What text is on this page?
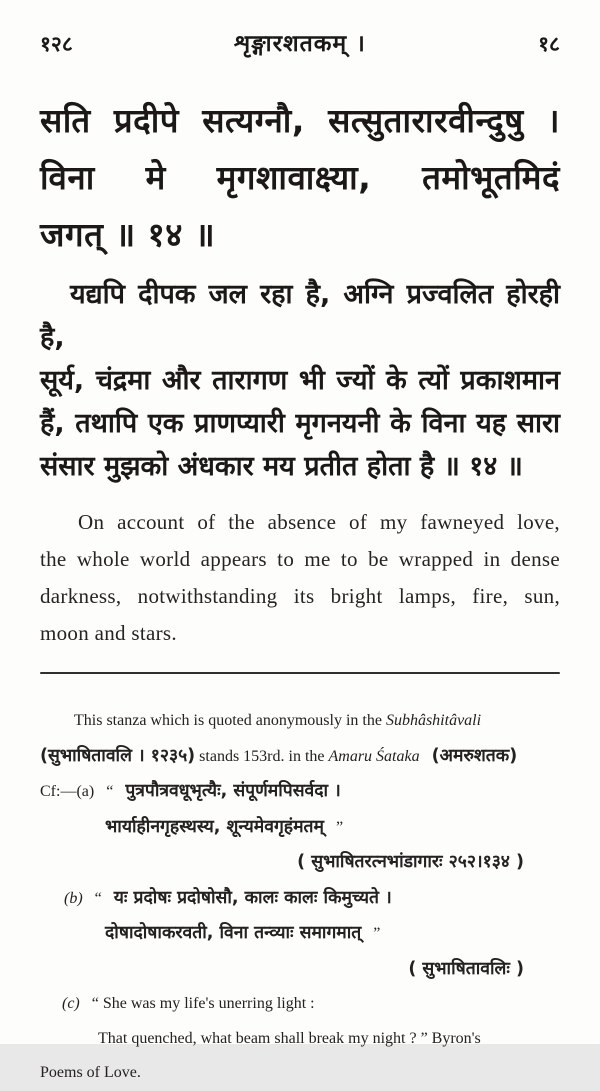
१२८	शृङ्गारशतकम् ।	१८
सति प्रदीपे सत्यग्नौ, सत्सुतारारवीन्दुषु ।
विना मे मृगशावाक्ष्या, तमोभूतमिदं
जगत् ॥ १४ ॥
यद्यपि दीपक जल रहा है, अग्नि प्रज्वलित होरही है,
सूर्य, चंद्रमा और तारागण भी ज्यों के त्यों प्रकाशमान
हैं, तथापि एक प्राणप्यारी मृगनयनी के विना यह सारा
संसार मुझको अंधकार मय प्रतीत होता है ॥ १४ ॥
On account of the absence of my fawneyed love,
the whole world appears to me to be wrapped in dense
darkness, notwithstanding its bright lamps, fire, sun,
moon and stars.
This stanza which is quoted anonymously in the Subhâshitâvali
(सुभाषितावलि । १२३५) stands 153rd. in the Amaru Śataka (अमरुशतक)
Cf:—(a) “ पुत्रपौत्रवधूभृत्यैः, संपूर्णमपिसर्वदा ।
भार्याहीनगृहस्थस्य, शून्यमेवगृहंमतम् ”
( सुभाषितरत्नभांडागारः २५२।१३४ )
(b) “ यः प्रदोषः प्रदोषोसौ, कालः कालः किमुच्यते ।
दोषादोषाकरवती, विना तन्व्याः समागमात् ”
( सुभाषितावलिः )
(c) “ She was my life's unerring light :
That quenched, what beam shall break my night ? ” Byron's
Poems of Love.
